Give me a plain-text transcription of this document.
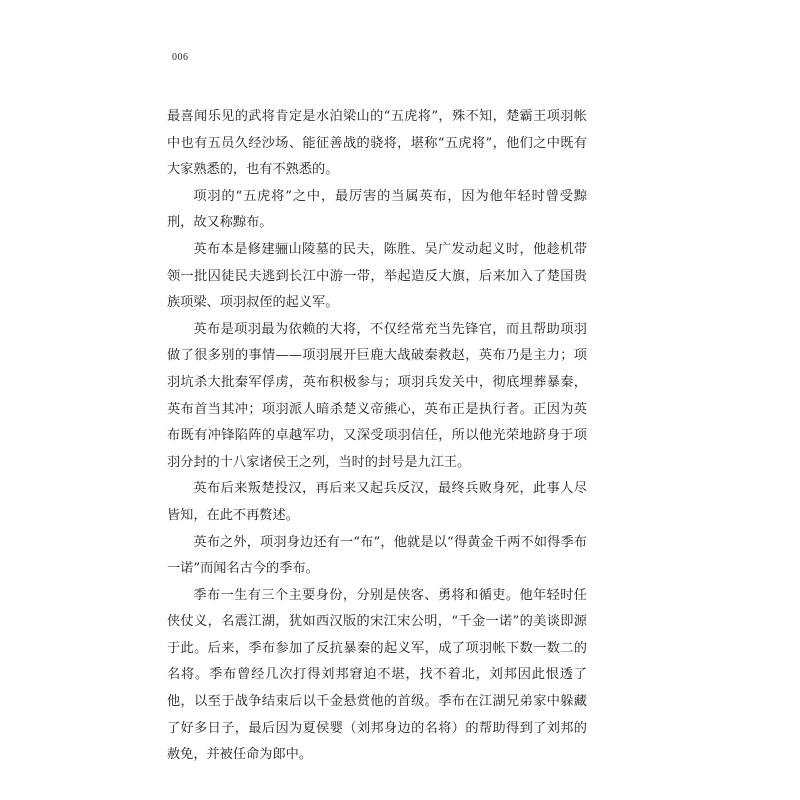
006

最喜闻乐见的武将肯定是水泊梁山的“五虎将”，殊不知，楚霸王项羽帐中也有五员久经沙场、能征善战的骁将，堪称“五虎将”，他们之中既有大家熟悉的，也有不熟悉的。

项羽的“五虎将”之中，最厉害的当属英布，因为他年轻时曾受黥刑，故又称黥布。

英布本是修建骊山陵墓的民夫，陈胜、吴广发动起义时，他趁机带领一批囚徒民夫逃到长江中游一带，举起造反大旗，后来加入了楚国贵族项梁、项羽叔侄的起义军。

英布是项羽最为依赖的大将，不仅经常充当先锋官，而且帮助项羽做了很多别的事情——项羽展开巨鹿大战破秦救赵，英布乃是主力；项羽坑杀大批秦军俘虏，英布积极参与；项羽兵发关中，彻底埋葬暴秦，英布首当其冲；项羽派人暗杀楚义帝熊心，英布正是执行者。正因为英布既有冲锋陷阵的卓越军功，又深受项羽信任，所以他光荣地跻身于项羽分封的十八家诸侯王之列，当时的封号是九江王。

英布后来叛楚投汉，再后来又起兵反汉，最终兵败身死，此事人尽皆知，在此不再赘述。

英布之外，项羽身边还有一“布”，他就是以“得黄金千两不如得季布一诺”而闻名古今的季布。

季布一生有三个主要身份，分别是侠客、勇将和循吏。他年轻时任侠仗义，名震江湖，犹如西汉版的宋江宋公明，“千金一诺”的美谈即源于此。后来，季布参加了反抗暴秦的起义军，成了项羽帐下数一数二的名将。季布曾经几次打得刘邦窘迫不堪，找不着北，刘邦因此恨透了他，以至于战争结束后以千金悬赏他的首级。季布在江湖兄弟家中躲藏了好多日子，最后因为夏侯婴（刘邦身边的名将）的帮助得到了刘邦的赦免，并被任命为郎中。
